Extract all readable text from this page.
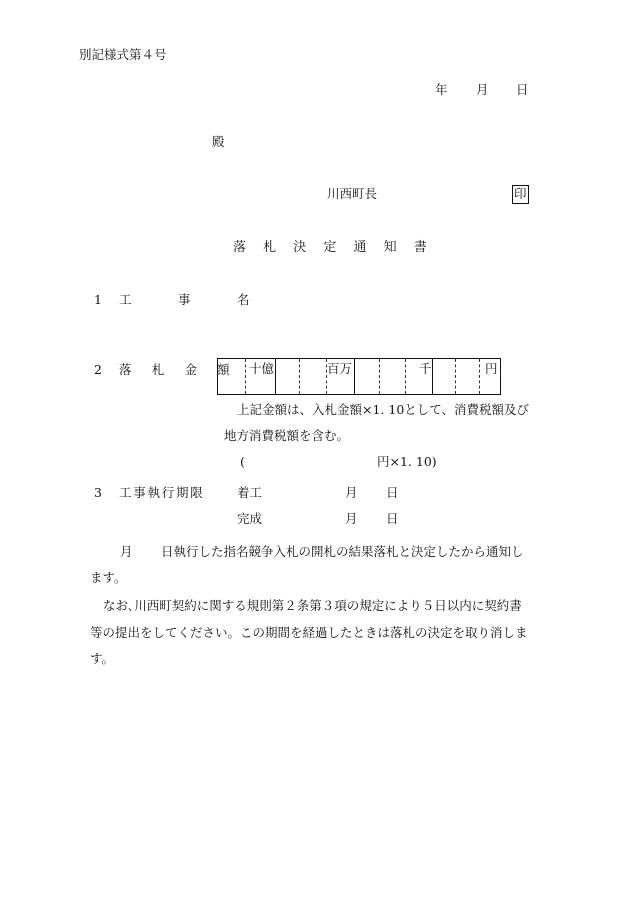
別記様式第４号
年 月 日
殿
川西町長	印
落 札 決 定 通 知 書
1 工 事 名
2 落 札 金 額 十億	百万	千	円
上記金額は、入札金額×1. 10として、消費税額及び
地方消費税額を含む。
(	円×1. 10)
3 工事執行期限	着工	月 日
完成	月 日
月 日執行した指名競争入札の開札の結果落札と決定したから通知し
ます。
なお､川西町契約に関する規則第２条第３項の規定により５日以内に契約書
等の提出をしてください。この期間を経過したときは落札の決定を取り消しま
す。
